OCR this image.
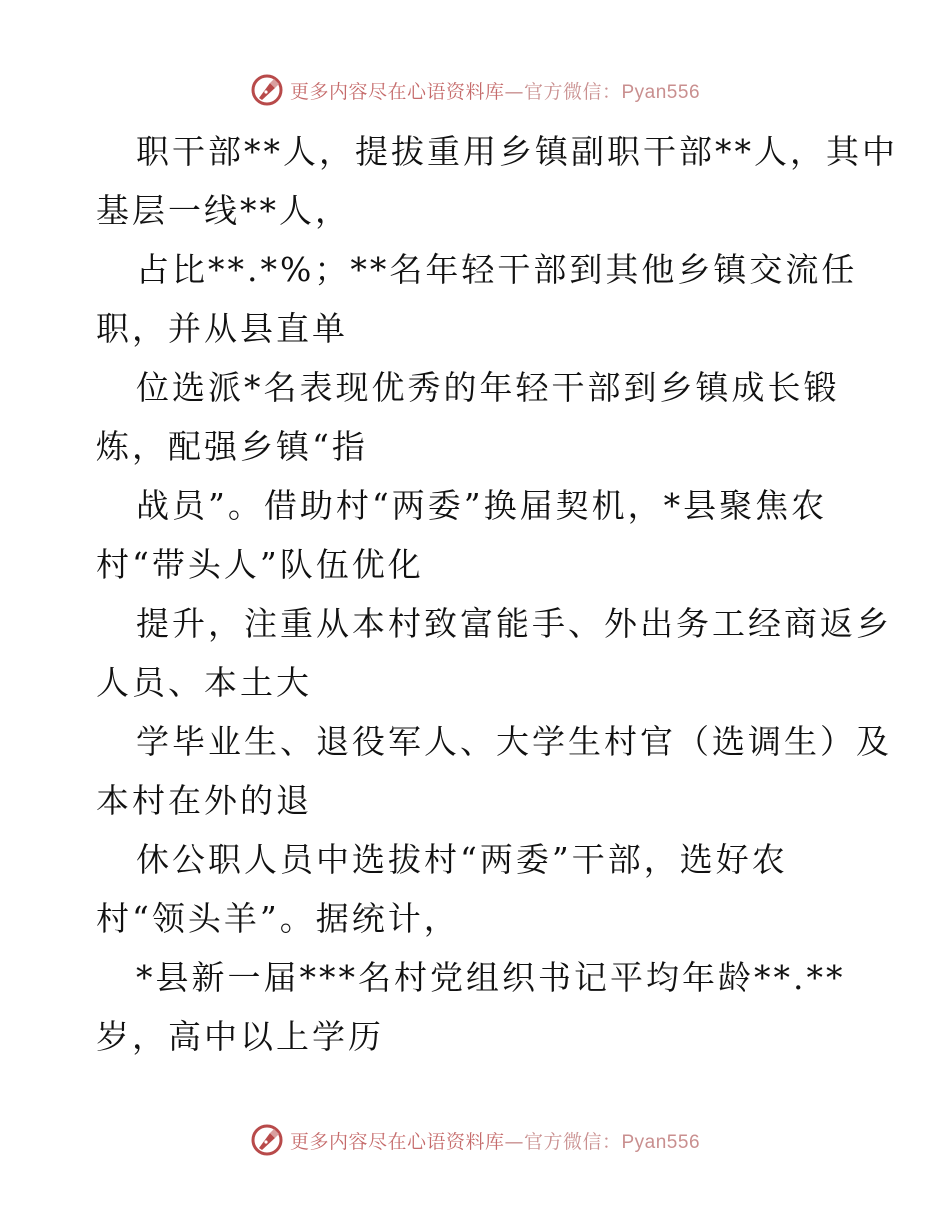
更多内容尽在心语资料库—官方微信：Pyan556
职干部**人，提拔重用乡镇副职干部**人，其中
基层一线**人，
占比**.*%；**名年轻干部到其他乡镇交流任
职，并从县直单
位选派*名表现优秀的年轻干部到乡镇成长锻
炼，配强乡镇“指
战员”。借助村“两委”换届契机，*县聚焦农
村“带头人”队伍优化
提升，注重从本村致富能手、外出务工经商返乡
人员、本土大
学毕业生、退役军人、大学生村官（选调生）及
本村在外的退
休公职人员中选拔村“两委”干部，选好农
村“领头羊”。据统计，
*县新一届***名村党组织书记平均年龄**.**
岁，高中以上学历
更多内容尽在心语资料库—官方微信：Pyan556
